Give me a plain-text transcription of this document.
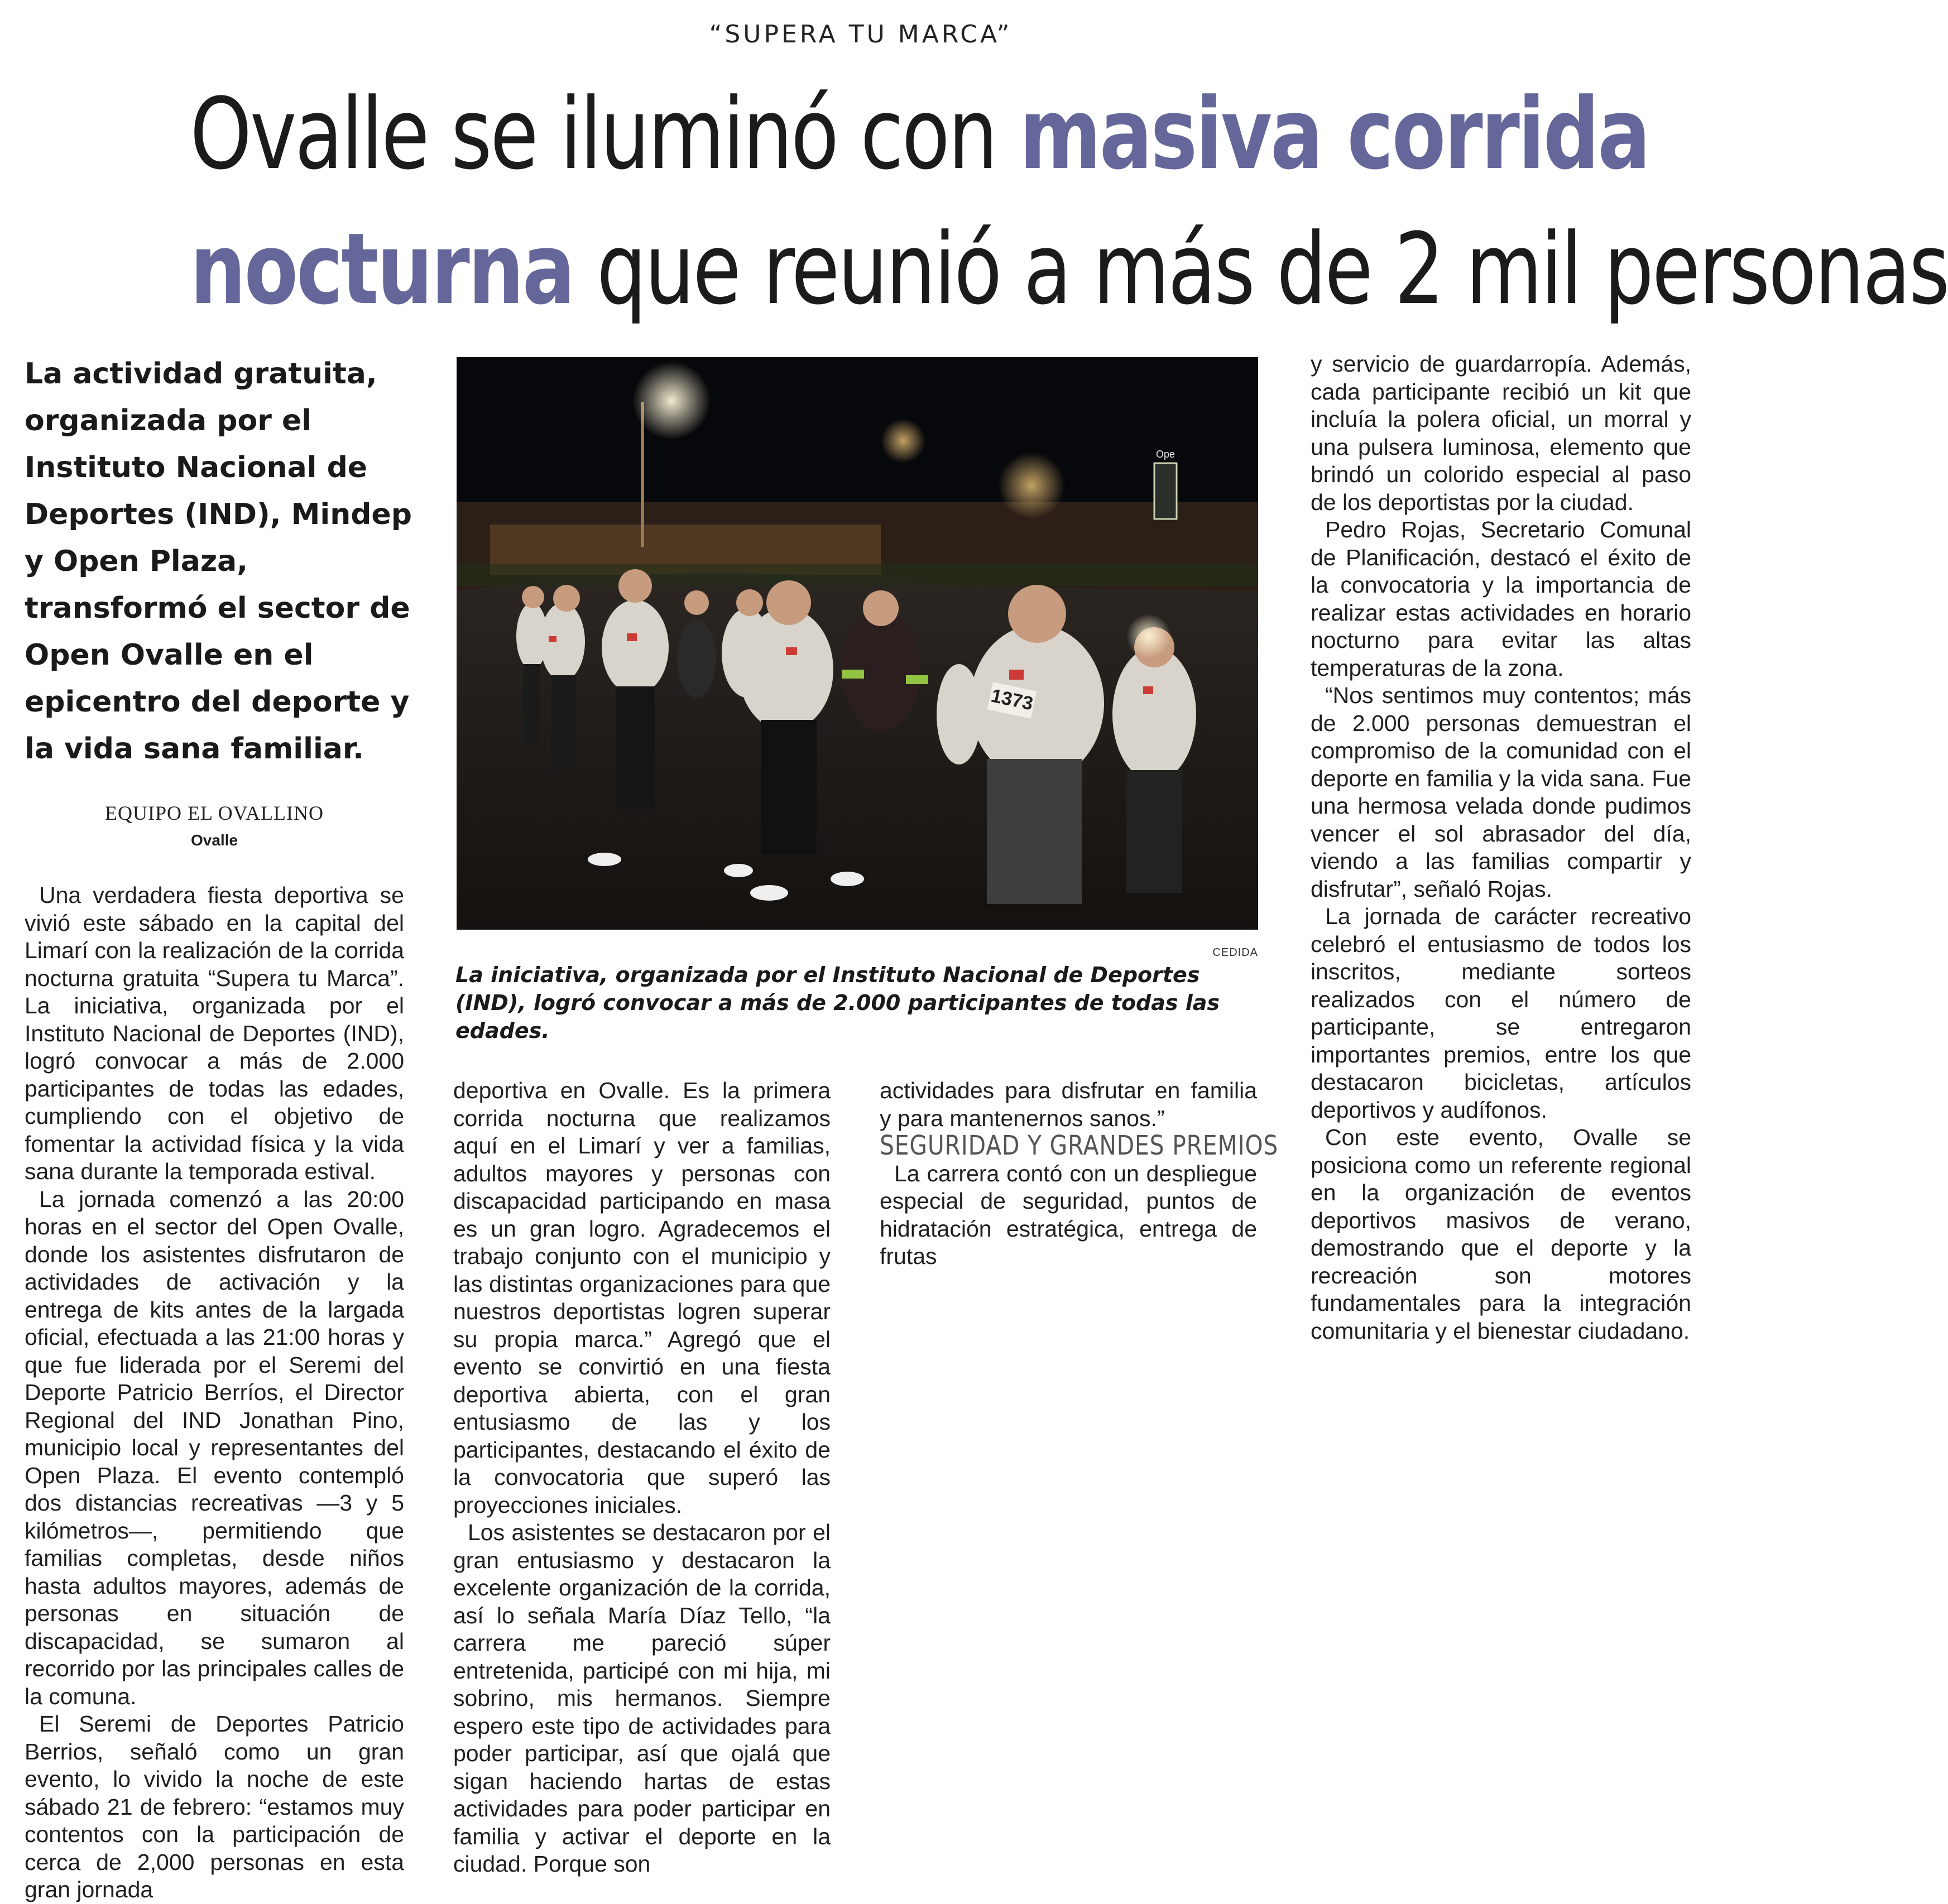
“SUPERA TU MARCA”
Ovalle se iluminó con masiva corrida
nocturna que reunió a más de 2 mil personas
La actividad gratuita, organizada por el Instituto Nacional de Deportes (IND), Mindep y Open Plaza, transformó el sector de Open Ovalle en el epicentro del deporte y la vida sana familiar.
EQUIPO EL OVALLINO
Ovalle
Ope
1373
CEDIDA
La iniciativa, organizada por el Instituto Nacional de Deportes (IND), logró convocar a más de 2.000 participantes de todas las edades.

Una verdadera fiesta deportiva se vivió este sábado en la capital del Limarí con la realización de la corrida nocturna gratuita “Supera tu Marca”. La iniciativa, organizada por el Instituto Nacional de Deportes (IND), logró convocar a más de 2.000 participantes de todas las edades, cumpliendo con el objetivo de fomentar la actividad física y la vida sana durante la temporada estival.

La jornada comenzó a las 20:00 horas en el sector del Open Ovalle, donde los asistentes disfrutaron de actividades de activación y la entrega de kits antes de la largada oficial, efectuada a las 21:00 horas y que fue liderada por el Seremi del Deporte Patricio Berríos, el Director Regional del IND Jonathan Pino, municipio local y representantes del Open Plaza. El evento contempló dos distancias recreativas —3 y 5 kilómetros—, permitiendo que familias completas, desde niños hasta adultos mayores, además de personas en situación de discapacidad, se sumaron al recorrido por las principales calles de la comuna.

El Seremi de Deportes Patricio Berrios, señaló como un gran evento, lo vivido la noche de este sábado 21 de febrero: “estamos muy contentos con la participación de cerca de 2,000 personas en esta gran jornada

deportiva en Ovalle. Es la primera corrida nocturna que realizamos aquí en el Limarí y ver a familias, adultos mayores y personas con discapacidad participando en masa es un gran logro. Agradecemos el trabajo conjunto con el municipio y las distintas organizaciones para que nuestros deportistas logren superar su propia marca.” Agregó que el evento se convirtió en una fiesta deportiva abierta, con el gran entusiasmo de las y los participantes, destacando el éxito de la convocatoria que superó las proyecciones iniciales.

Los asistentes se destacaron por el gran entusiasmo y destacaron la excelente organización de la corrida, así lo señala María Díaz Tello, “la carrera me pareció súper entretenida, participé con mi hija, mi sobrino, mis hermanos. Siempre espero este tipo de actividades para poder participar, así que ojalá que sigan haciendo hartas de estas actividades para poder participar en familia y activar el deporte en la ciudad. Porque son

actividades para disfrutar en familia y para mantenernos sanos.”

SEGURIDAD Y GRANDES PREMIOS

La carrera contó con un despliegue especial de seguridad, puntos de hidratación estratégica, entrega de frutas

y servicio de guardarropía. Además, cada participante recibió un kit que incluía la polera oficial, un morral y una pulsera luminosa, elemento que brindó un colorido especial al paso de los deportistas por la ciudad.

Pedro Rojas, Secretario Comunal de Planificación, destacó el éxito de la convocatoria y la importancia de realizar estas actividades en horario nocturno para evitar las altas temperaturas de la zona.

“Nos sentimos muy contentos; más de 2.000 personas demuestran el compromiso de la comunidad con el deporte en familia y la vida sana. Fue una hermosa velada donde pudimos vencer el sol abrasador del día, viendo a las familias compartir y disfrutar”, señaló Rojas.

La jornada de carácter recreativo celebró el entusiasmo de todos los inscritos, mediante sorteos realizados con el número de participante, se entregaron importantes premios, entre los que destacaron bicicletas, artículos deportivos y audífonos.

Con este evento, Ovalle se posiciona como un referente regional en la organización de eventos deportivos masivos de verano, demostrando que el deporte y la recreación son motores fundamentales para la integración comunitaria y el bienestar ciudadano.
